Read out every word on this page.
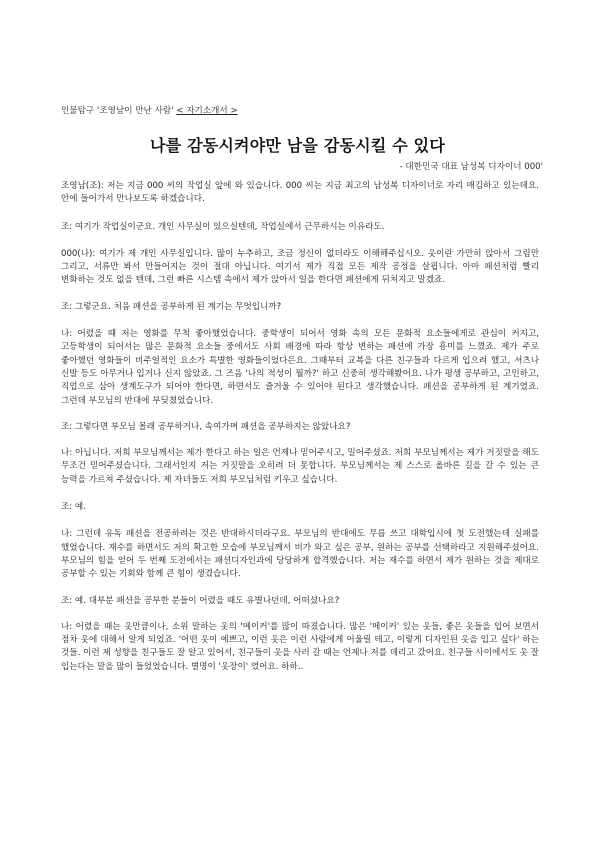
인물탐구 '조영남이 만난 사람' < 자기소개서 >
나를 감동시켜야만 남을 감동시킬 수 있다
- 대한민국 대표 남성복 디자이너 000'

조영남(조): 저는 지금 000 씨의 작업실 앞에 와 있습니다. 000 씨는 지금 최고의 남성복 디자이너로 자리 매김하고 있는데요. 안에 들어가서 만나보도록 하겠습니다.

조: 여기가 작업실이군요. 개인 사무실이 있으실텐데, 작업실에서 근무하시는 이유라도.

000(나): 여기가 제 개인 사무실입니다. 많이 누추하고, 조금 정신이 없더라도 이해해주십시오. 옷이란 가만히 앉아서 그림만 그리고, 서류만 봐서 만들어지는 것이 절대 아닙니다. 여기서 제가 직접 모든 제작 공정을 살핍니다. 아마 패션처럼 빨리 변화하는 것도 없을 텐데, 그런 빠른 시스템 속에서 제가 앉아서 일을 한다면 패션에게 뒤쳐지고 말겠죠.

조: 그렇군요. 처음 패션을 공부하게 된 계기는 무엇입니까?

나: 어렸을 때 저는 영화를 무척 좋아했었습니다. 중학생이 되어서 영화 속의 모든 문화적 요소들에게로 관심이 커지고, 고등학생이 되어서는 많은 문화적 요소들 중에서도 사회 배경에 따라 항상 변하는 패션에 가장 흥미를 느꼈죠. 제가 주로 좋아했던 영화들이 비주얼적인 요소가 특별한 영화들이었다든요. 그때부터 교복을 다른 친구들과 다르게 입으려 했고, 셔츠나 신발 등도 아무거나 입거나 신지 않았죠. 그 즈음 '나의 적성이 뭘까?' 하고 신중히 생각해봤어요. 나가 평생 공부하고, 고민하고, 직업으로 삼아 생계도구가 되어야 한다면, 하면서도 즐거울 수 있어야 된다고 생각했습니다. 패션을 공부하게 된 계기였죠. 그런데 부모님의 반대에 부딪쳤었습니다.

조: 그렇다면 부모님 몰래 공부하거나, 속여가며 패션을 공부하지는 않았나요?

나: 아닙니다. 저희 부모님께서는 제가 한다고 하는 일은 언제나 믿어주시고, 밀어주셨죠. 저희 부모님께서는 제가 거짓말을 해도 무조건 믿어주셨습니다. 그래서인지 저는 거짓말을 오히려 더 못합니다. 부모님께서는 제 스스로 올바른 길을 갈 수 있는 큰 능력을 가르쳐 주셨습니다. 제 자녀들도 저희 부모님처럼 키우고 싶습니다.

조: 예.

나: 그런데 유독 패션을 전공하려는 것은 반대하시더라구요. 부모님의 반대에도 무릅 쓰고 대학입시에 첫 도전했는데 실패를 했었습니다. 재수를 하면서도 저의 확고한 모습에 부모님께서 비가 와고 싶은 공부, 원하는 공부를 선택하라고 지원해주셨어요. 부모님의 힘을 얻어 두 번째 도전에서는 패션디자인과에 당당하게 합격했습니다. 저는 재수를 하면서 제가 원하는 것을 제대로 공부할 수 있는 기회와 함께 큰 힘이 생겼습니다.

조: 예. 대부분 패션을 공부한 분들이 어렸을 때도 유별나던데, 어떠셨나요?

나: 어렸을 때는 옷만큼이나, 소위 말하는 옷의 '메이커'를 많이 따졌습니다. 많은 '메이커' 있는 옷들, 좋은 옷들을 입어 보면서 점차 옷에 대해서 알게 되었죠. '어떤 옷이 예쁘고, 이런 옷은 이런 사람에게 어울릴 테고, 이렇게 디자인된 옷을 입고 싶다' 하는 것들. 이런 제 성향을 친구들도 잘 알고 있어서, 친구들이 옷을 사러 갈 때는 언제나 저를 데리고 갔어요. 친구들 사이에서도 옷 잘 입는다는 말을 많이 들었었습니다. 별명이 '옷장이' 였어요. 하하..
